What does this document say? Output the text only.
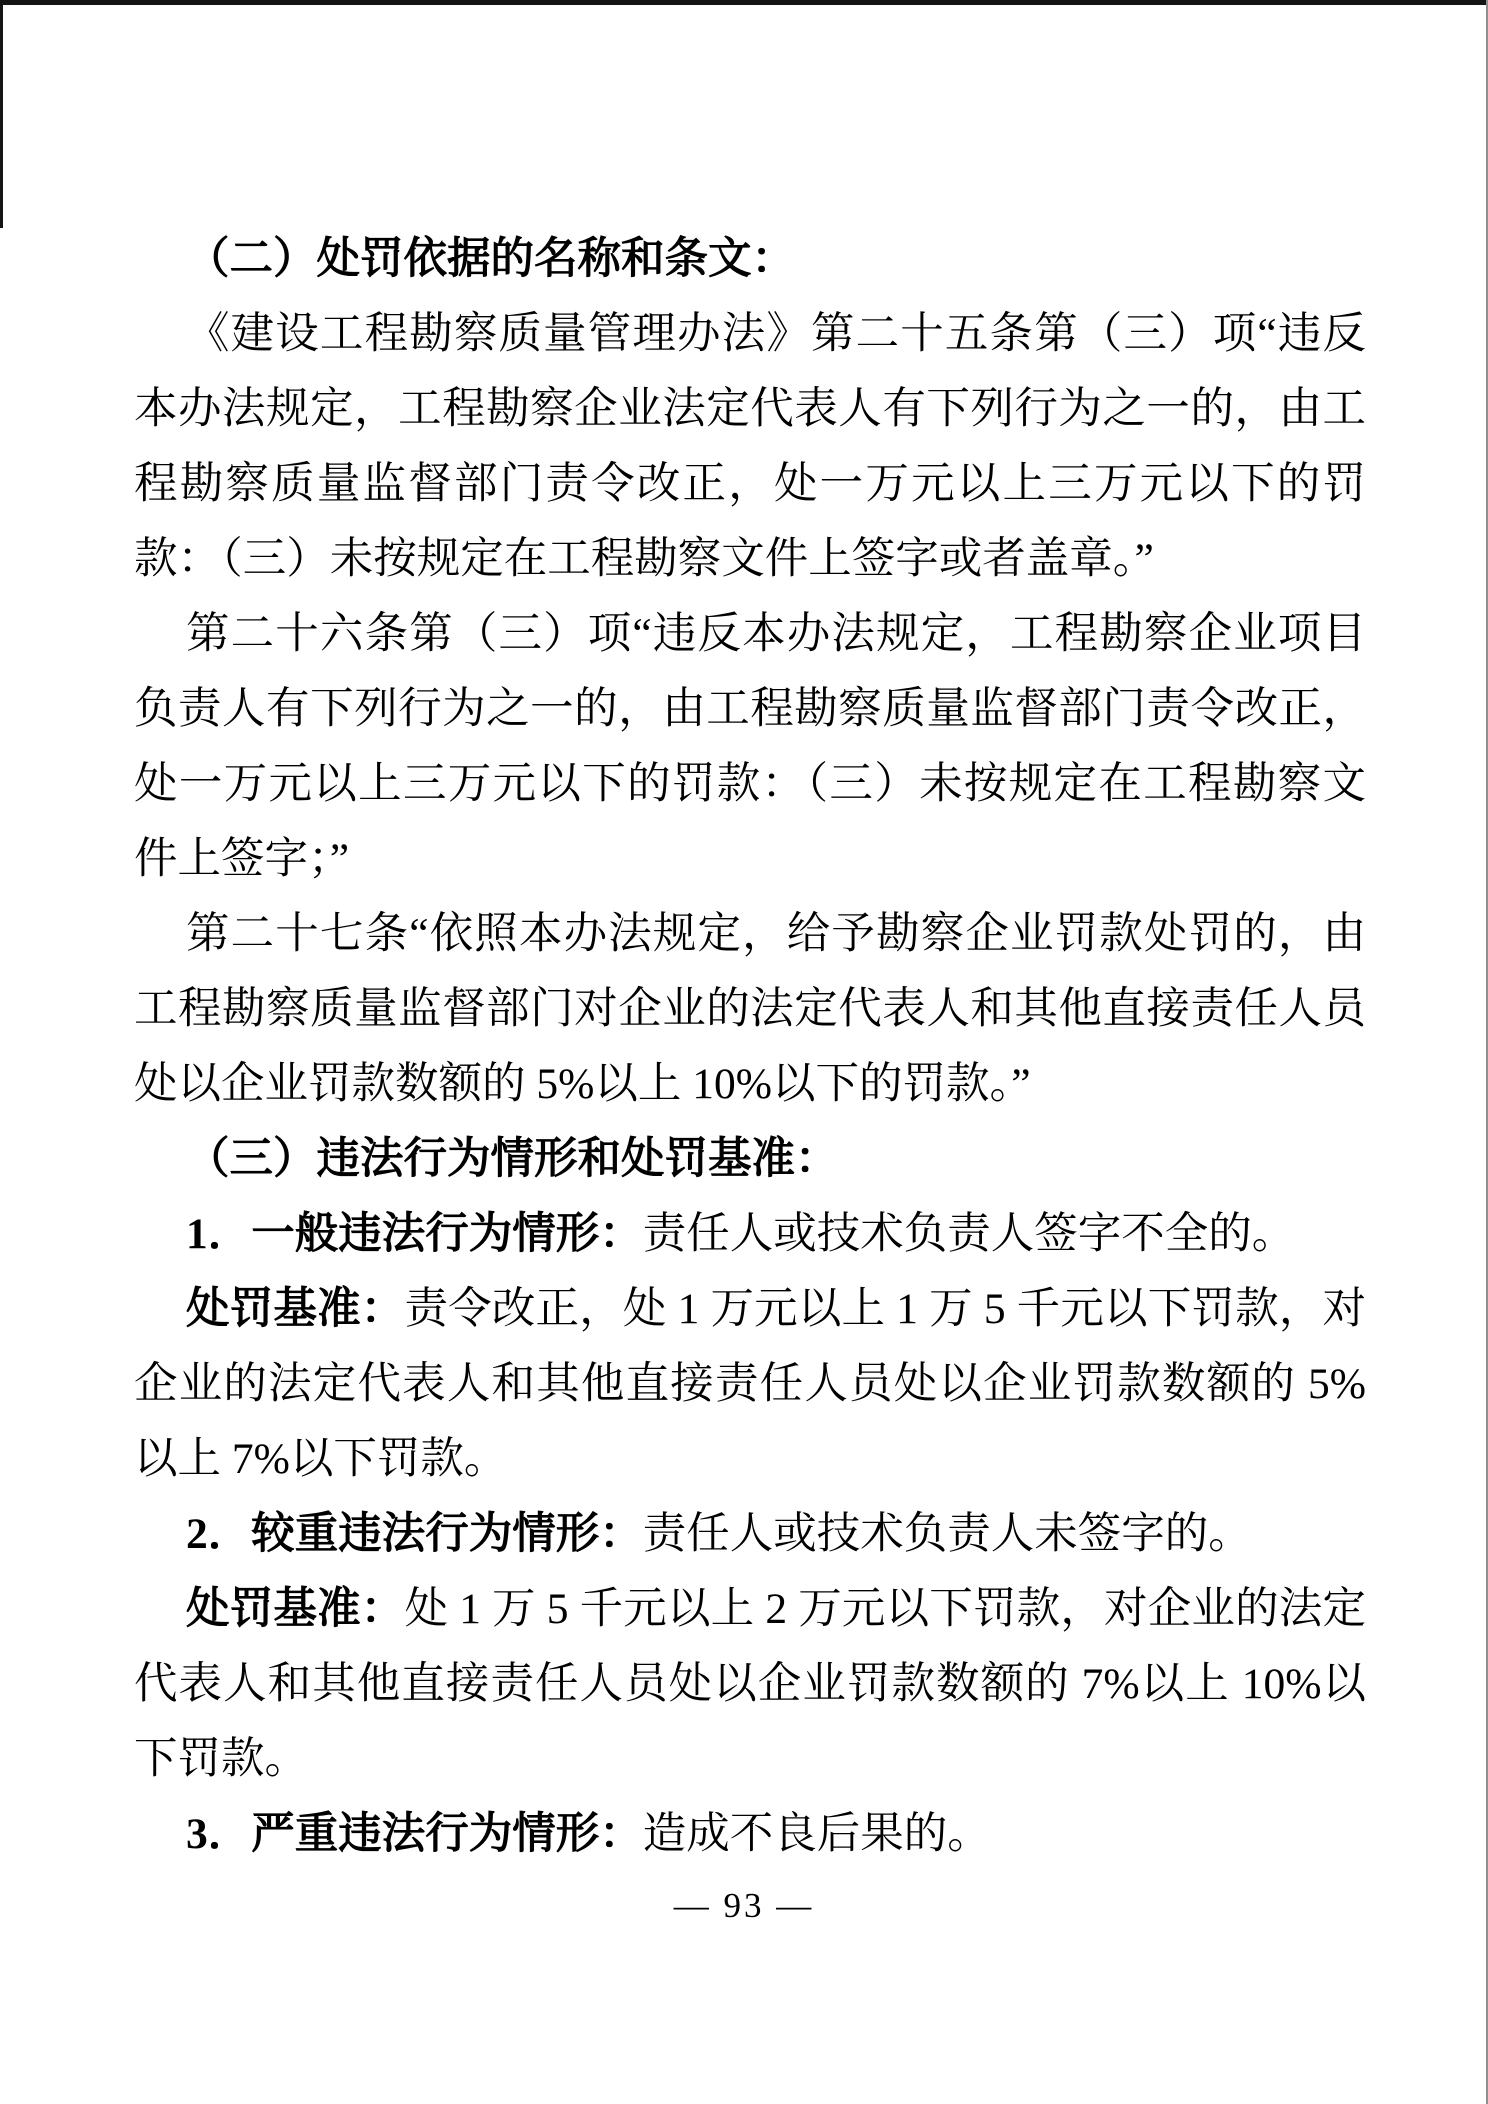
（二）处罚依据的名称和条文：

《建设工程勘察质量管理办法》第二十五条第（三）项“违反本办法规定，工程勘察企业法定代表人有下列行为之一的，由工程勘察质量监督部门责令改正，处一万元以上三万元以下的罚款：（三）未按规定在工程勘察文件上签字或者盖章。”

第二十六条第（三）项“违反本办法规定，工程勘察企业项目负责人有下列行为之一的，由工程勘察质量监督部门责令改正，处一万元以上三万元以下的罚款：（三）未按规定在工程勘察文件上签字；”

第二十七条“依照本办法规定，给予勘察企业罚款处罚的，由工程勘察质量监督部门对企业的法定代表人和其他直接责任人员处以企业罚款数额的 5%以上 10%以下的罚款。”

（三）违法行为情形和处罚基准：

1．一般违法行为情形：责任人或技术负责人签字不全的。

处罚基准：责令改正，处 1 万元以上 1 万 5 千元以下罚款，对企业的法定代表人和其他直接责任人员处以企业罚款数额的 5%以上 7%以下罚款。

2．较重违法行为情形：责任人或技术负责人未签字的。

处罚基准：处 1 万 5 千元以上 2 万元以下罚款，对企业的法定代表人和其他直接责任人员处以企业罚款数额的 7%以上 10%以下罚款。

3．严重违法行为情形：造成不良后果的。

— 93 —
